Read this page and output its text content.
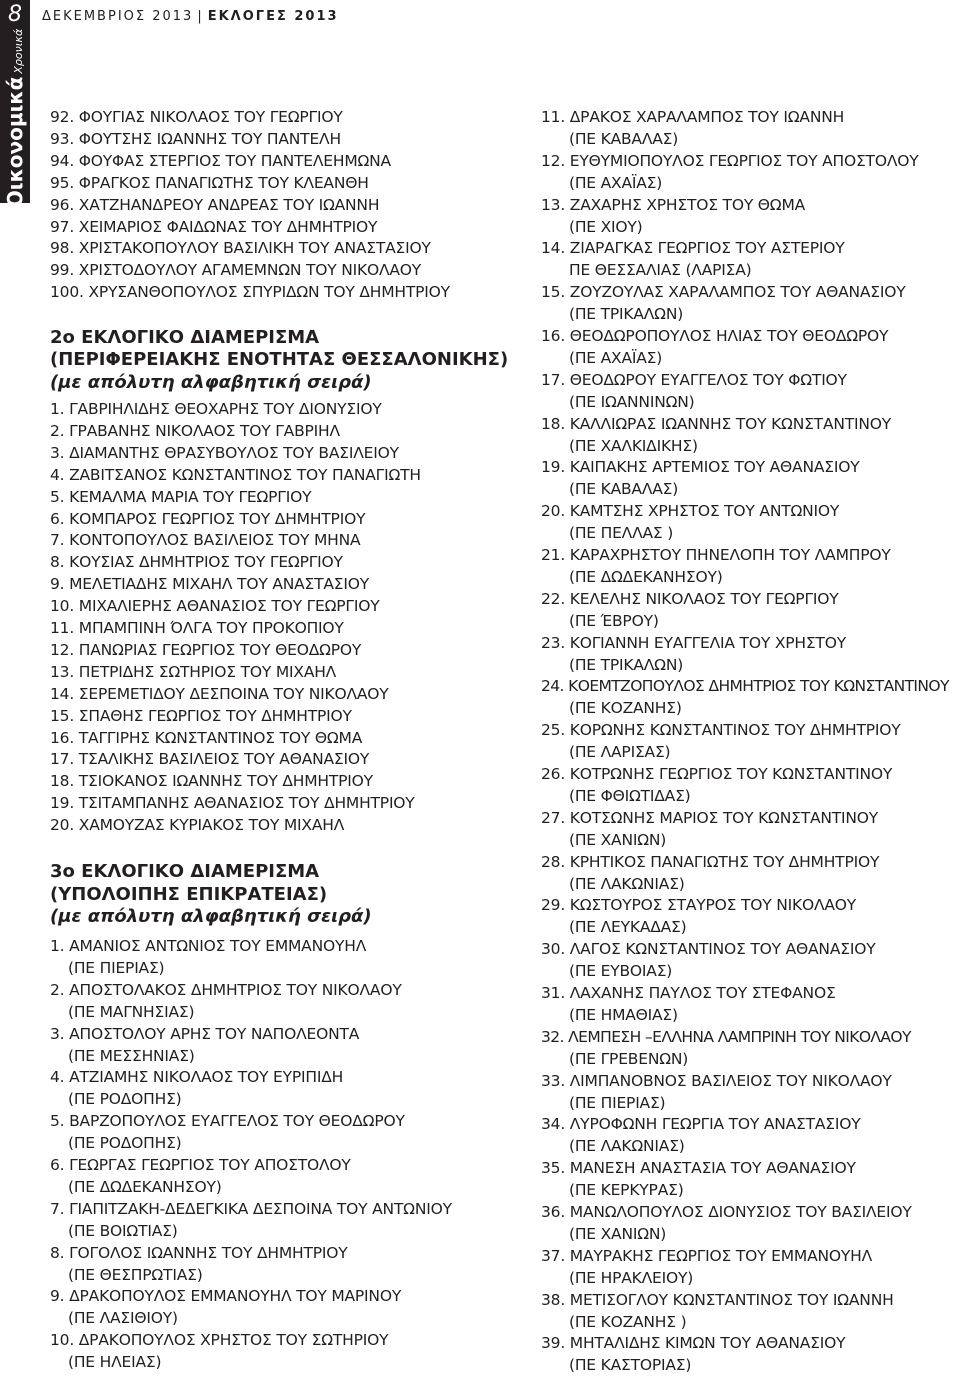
8
ΟικονομικάΧρονικά
ΔΕΚΕΜΒΡΙΟΣ 2013 | ΕΚΛΟΓΕΣ 2013
92. ΦΟΥΓΙΑΣ ΝΙΚΟΛΑΟΣ ΤΟΥ ΓΕΩΡΓΙΟΥ
93. ΦΟΥΤΣΗΣ ΙΩΑΝΝΗΣ ΤΟΥ ΠΑΝΤΕΛΗ
94. ΦΟΥΦΑΣ ΣΤΕΡΓΙΟΣ ΤΟΥ ΠΑΝΤΕΛΕΗΜΩΝΑ
95. ΦΡΑΓΚΟΣ ΠΑΝΑΓΙΩΤΗΣ ΤΟΥ ΚΛΕΑΝΘΗ
96. ΧΑΤΖΗΑΝΔΡΕΟΥ ΑΝΔΡΕΑΣ ΤΟΥ ΙΩΑΝΝΗ
97. ΧΕΙΜΑΡΙΟΣ ΦΑΙΔΩΝΑΣ ΤΟΥ ΔΗΜΗΤΡΙΟΥ
98. ΧΡΙΣΤΑΚΟΠΟΥΛΟΥ ΒΑΣΙΛΙΚΗ ΤΟΥ ΑΝΑΣΤΑΣΙΟΥ
99. ΧΡΙΣΤΟΔΟΥΛΟΥ ΑΓΑΜΕΜΝΩΝ ΤΟΥ ΝΙΚΟΛΑΟΥ
100. ΧΡΥΣΑΝΘΟΠΟΥΛΟΣ ΣΠΥΡΙΔΩΝ ΤΟΥ ΔΗΜΗΤΡΙΟΥ
2ο ΕΚΛΟΓΙΚΟ ΔΙΑΜΕΡΙΣΜΑ
(ΠΕΡΙΦΕΡΕΙΑΚΗΣ ΕΝΟΤΗΤΑΣ ΘΕΣΣΑΛΟΝΙΚΗΣ)
(με απόλυτη αλφαβητική σειρά)
1. ΓΑΒΡΙΗΛΙΔΗΣ ΘΕΟΧΑΡΗΣ ΤΟΥ ΔΙΟΝΥΣΙΟΥ
2. ΓΡΑΒΑΝΗΣ ΝΙΚΟΛΑΟΣ ΤΟΥ ΓΑΒΡΙΗΛ
3. ΔΙΑΜΑΝΤΗΣ ΘΡΑΣΥΒΟΥΛΟΣ ΤΟΥ ΒΑΣΙΛΕΙΟΥ
4. ΖΑΒΙΤΣΑΝΟΣ ΚΩΝΣΤΑΝΤΙΝΟΣ ΤΟΥ ΠΑΝΑΓΙΩΤΗ
5. ΚΕΜΑΛΜΑ ΜΑΡΙΑ ΤΟΥ ΓΕΩΡΓΙΟΥ
6. ΚΟΜΠΑΡΟΣ ΓΕΩΡΓΙΟΣ ΤΟΥ ΔΗΜΗΤΡΙΟΥ
7. ΚΟΝΤΟΠΟΥΛΟΣ ΒΑΣΙΛΕΙΟΣ ΤΟΥ ΜΗΝΑ
8. ΚΟΥΣΙΑΣ ΔΗΜΗΤΡΙΟΣ ΤΟΥ ΓΕΩΡΓΙΟΥ
9. ΜΕΛΕΤΙΑΔΗΣ ΜΙΧΑΗΛ ΤΟΥ ΑΝΑΣΤΑΣΙΟΥ
10. ΜΙΧΑΛΙΕΡΗΣ ΑΘΑΝΑΣΙΟΣ ΤΟΥ ΓΕΩΡΓΙΟΥ
11. ΜΠΑΜΠΙΝΗ ΌΛΓΑ ΤΟΥ ΠΡΟΚΟΠΙΟΥ
12. ΠΑΝΩΡΙΑΣ ΓΕΩΡΓΙΟΣ ΤΟΥ ΘΕΟΔΩΡΟΥ
13. ΠΕΤΡΙΔΗΣ ΣΩΤΗΡΙΟΣ ΤΟΥ ΜΙΧΑΗΛ
14. ΣΕΡΕΜΕΤΙΔΟΥ ΔΕΣΠΟΙΝΑ ΤΟΥ ΝΙΚΟΛΑΟΥ
15. ΣΠΑΘΗΣ ΓΕΩΡΓΙΟΣ ΤΟΥ ΔΗΜΗΤΡΙΟΥ
16. ΤΑΓΓΙΡΗΣ ΚΩΝΣΤΑΝΤΙΝΟΣ ΤΟΥ ΘΩΜΑ
17. ΤΣΑΛΙΚΗΣ ΒΑΣΙΛΕΙΟΣ ΤΟΥ ΑΘΑΝΑΣΙΟΥ
18. ΤΣΙΟΚΑΝΟΣ ΙΩΑΝΝΗΣ ΤΟΥ ΔΗΜΗΤΡΙΟΥ
19. ΤΣΙΤΑΜΠΑΝΗΣ ΑΘΑΝΑΣΙΟΣ ΤΟΥ ΔΗΜΗΤΡΙΟΥ
20. ΧΑΜΟΥΖΑΣ ΚΥΡΙΑΚΟΣ ΤΟΥ ΜΙΧΑΗΛ
3ο ΕΚΛΟΓΙΚΟ ΔΙΑΜΕΡΙΣΜΑ
(ΥΠΟΛΟΙΠΗΣ ΕΠΙΚΡΑΤΕΙΑΣ)
(με απόλυτη αλφαβητική σειρά)
1. ΑΜΑΝΙΟΣ ΑΝΤΩΝΙΟΣ ΤΟΥ ΕΜΜΑΝΟΥΗΛ
(ΠΕ ΠΙΕΡΙΑΣ)
2. ΑΠΟΣΤΟΛΑΚΟΣ ΔΗΜΗΤΡΙΟΣ ΤΟΥ ΝΙΚΟΛΑΟΥ
(ΠΕ ΜΑΓΝΗΣΙΑΣ)
3. ΑΠΟΣΤΟΛΟΥ ΑΡΗΣ ΤΟΥ ΝΑΠΟΛΕΟΝΤΑ
(ΠΕ ΜΕΣΣΗΝΙΑΣ)
4. ΑΤΖΙΑΜΗΣ ΝΙΚΟΛΑΟΣ ΤΟΥ ΕΥΡΙΠΙΔΗ
(ΠΕ ΡΟΔΟΠΗΣ)
5. ΒΑΡΖΟΠΟΥΛΟΣ ΕΥΑΓΓΕΛΟΣ ΤΟΥ ΘΕΟΔΩΡΟΥ
(ΠΕ ΡΟΔΟΠΗΣ)
6. ΓΕΩΡΓΑΣ ΓΕΩΡΓΙΟΣ ΤΟΥ ΑΠΟΣΤΟΛΟΥ
(ΠΕ ΔΩΔΕΚΑΝΗΣΟΥ)
7. ΓΙΑΠΙΤΖΑΚΗ-ΔΕΔΕΓΚΙΚΑ ΔΕΣΠΟΙΝΑ ΤΟΥ ΑΝΤΩΝΙΟΥ
(ΠΕ ΒΟΙΩΤΙΑΣ)
8. ΓΟΓΟΛΟΣ ΙΩΑΝΝΗΣ ΤΟΥ ΔΗΜΗΤΡΙΟΥ
(ΠΕ ΘΕΣΠΡΩΤΙΑΣ)
9. ΔΡΑΚΟΠΟΥΛΟΣ ΕΜΜΑΝΟΥΗΛ ΤΟΥ ΜΑΡΙΝΟΥ
(ΠΕ ΛΑΣΙΘΙΟΥ)
10. ΔΡΑΚΟΠΟΥΛΟΣ ΧΡΗΣΤΟΣ ΤΟΥ ΣΩΤΗΡΙΟΥ
(ΠΕ ΗΛΕΙΑΣ)
11. ΔΡΑΚΟΣ ΧΑΡΑΛΑΜΠΟΣ ΤΟΥ ΙΩΑΝΝΗ
(ΠΕ ΚΑΒΑΛΑΣ)
12. ΕΥΘΥΜΙΟΠΟΥΛΟΣ ΓΕΩΡΓΙΟΣ ΤΟΥ ΑΠΟΣΤΟΛΟΥ
(ΠΕ ΑΧΑΪΑΣ)
13. ΖΑΧΑΡΗΣ ΧΡΗΣΤΟΣ ΤΟΥ ΘΩΜΑ
(ΠΕ ΧΙΟΥ)
14. ΖΙΑΡΑΓΚΑΣ ΓΕΩΡΓΙΟΣ ΤΟΥ ΑΣΤΕΡΙΟΥ
ΠΕ ΘΕΣΣΑΛΙΑΣ (ΛΑΡΙΣΑ)
15. ΖΟΥΖΟΥΛΑΣ ΧΑΡΑΛΑΜΠΟΣ ΤΟΥ ΑΘΑΝΑΣΙΟΥ
(ΠΕ ΤΡΙΚΑΛΩΝ)
16. ΘΕΟΔΩΡΟΠΟΥΛΟΣ ΗΛΙΑΣ ΤΟΥ ΘΕΟΔΩΡΟΥ
(ΠΕ ΑΧΑΪΑΣ)
17. ΘΕΟΔΩΡΟΥ ΕΥΑΓΓΕΛΟΣ ΤΟΥ ΦΩΤΙΟΥ
(ΠΕ ΙΩΑΝΝΙΝΩΝ)
18. ΚΑΛΛΙΩΡΑΣ ΙΩΑΝΝΗΣ ΤΟΥ ΚΩΝΣΤΑΝΤΙΝΟΥ
(ΠΕ ΧΑΛΚΙΔΙΚΗΣ)
19. ΚΑΙΠΑΚΗΣ ΑΡΤΕΜΙΟΣ ΤΟΥ ΑΘΑΝΑΣΙΟΥ
(ΠΕ ΚΑΒΑΛΑΣ)
20. ΚΑΜΤΣΗΣ ΧΡΗΣΤΟΣ ΤΟΥ ΑΝΤΩΝΙΟΥ
(ΠΕ ΠΕΛΛΑΣ )
21. ΚΑΡΑΧΡΗΣΤΟΥ ΠΗΝΕΛΟΠΗ ΤΟΥ ΛΑΜΠΡΟΥ
(ΠΕ ΔΩΔΕΚΑΝΗΣΟΥ)
22. ΚΕΛΕΛΗΣ ΝΙΚΟΛΑΟΣ ΤΟΥ ΓΕΩΡΓΙΟΥ
(ΠΕ ΈΒΡΟΥ)
23. ΚΟΓΙΑΝΝΗ ΕΥΑΓΓΕΛΙΑ ΤΟΥ ΧΡΗΣΤΟΥ
(ΠΕ ΤΡΙΚΑΛΩΝ)
24. ΚΟΕΜΤΖΟΠΟΥΛΟΣ ΔΗΜΗΤΡΙΟΣ ΤΟΥ ΚΩΝΣΤΑΝΤΙΝΟΥ
(ΠΕ ΚΟΖΑΝΗΣ)
25. ΚΟΡΩΝΗΣ ΚΩΝΣΤΑΝΤΙΝΟΣ ΤΟΥ ΔΗΜΗΤΡΙΟΥ
(ΠΕ ΛΑΡΙΣΑΣ)
26. ΚΟΤΡΩΝΗΣ ΓΕΩΡΓΙΟΣ ΤΟΥ ΚΩΝΣΤΑΝΤΙΝΟΥ
(ΠΕ ΦΘΙΩΤΙΔΑΣ)
27. ΚΟΤΣΩΝΗΣ ΜΑΡΙΟΣ ΤΟΥ ΚΩΝΣΤΑΝΤΙΝΟΥ
(ΠΕ ΧΑΝΙΩΝ)
28. ΚΡΗΤΙΚΟΣ ΠΑΝΑΓΙΩΤΗΣ ΤΟΥ ΔΗΜΗΤΡΙΟΥ
(ΠΕ ΛΑΚΩΝΙΑΣ)
29. ΚΩΣΤΟΥΡΟΣ ΣΤΑΥΡΟΣ ΤΟΥ ΝΙΚΟΛΑΟΥ
(ΠΕ ΛΕΥΚΑΔΑΣ)
30. ΛΑΓΟΣ ΚΩΝΣΤΑΝΤΙΝΟΣ ΤΟΥ ΑΘΑΝΑΣΙΟΥ
(ΠΕ ΕΥΒΟΙΑΣ)
31. ΛΑΧΑΝΗΣ ΠΑΥΛΟΣ ΤΟΥ ΣΤΕΦΑΝΟΣ
(ΠΕ ΗΜΑΘΙΑΣ)
32. ΛΕΜΠΕΣΗ –ΕΛΛΗΝΑ ΛΑΜΠΡΙΝΗ ΤΟΥ ΝΙΚΟΛΑΟΥ
(ΠΕ ΓΡΕΒΕΝΩΝ)
33. ΛΙΜΠΑΝΟΒΝΟΣ ΒΑΣΙΛΕΙΟΣ ΤΟΥ ΝΙΚΟΛΑΟΥ
(ΠΕ ΠΙΕΡΙΑΣ)
34. ΛΥΡΟΦΩΝΗ ΓΕΩΡΓΙΑ ΤΟΥ ΑΝΑΣΤΑΣΙΟΥ
(ΠΕ ΛΑΚΩΝΙΑΣ)
35. ΜΑΝΕΣΗ ΑΝΑΣΤΑΣΙΑ ΤΟΥ ΑΘΑΝΑΣΙΟΥ
(ΠΕ ΚΕΡΚΥΡΑΣ)
36. ΜΑΝΩΛΟΠΟΥΛΟΣ ΔΙΟΝΥΣΙΟΣ ΤΟΥ ΒΑΣΙΛΕΙΟΥ
(ΠΕ ΧΑΝΙΩΝ)
37. ΜΑΥΡΑΚΗΣ ΓΕΩΡΓΙΟΣ ΤΟΥ ΕΜΜΑΝΟΥΗΛ
(ΠΕ ΗΡΑΚΛΕΙΟΥ)
38. ΜΕΤΙΣΟΓΛΟΥ ΚΩΝΣΤΑΝΤΙΝΟΣ ΤΟΥ ΙΩΑΝΝΗ
(ΠΕ ΚΟΖΑΝΗΣ )
39. ΜΗΤΑΛΙΔΗΣ ΚΙΜΩΝ ΤΟΥ ΑΘΑΝΑΣΙΟΥ
(ΠΕ ΚΑΣΤΟΡΙΑΣ)
